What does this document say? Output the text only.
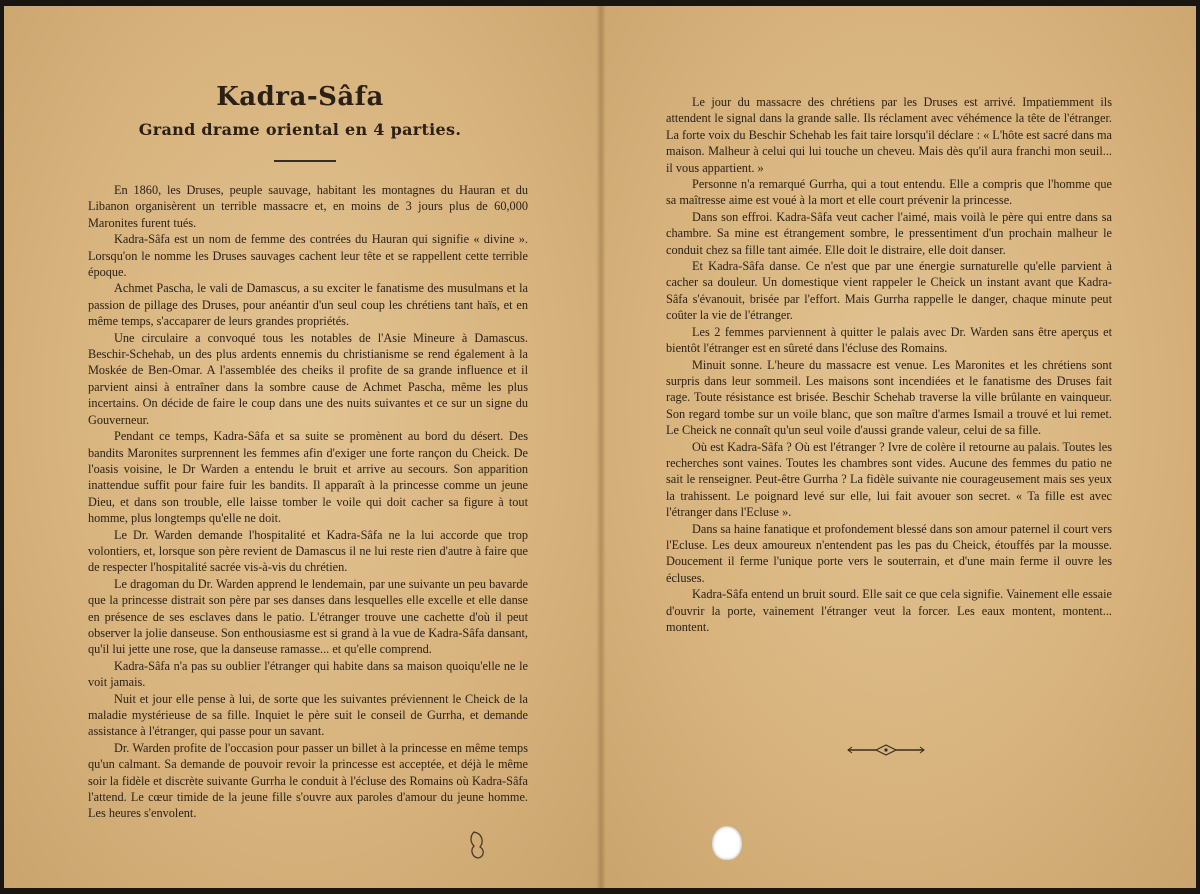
Kadra-Sâfa
Grand drame oriental en 4 parties.

En 1860, les Druses, peuple sauvage, habitant les montagnes du Hauran et du Libanon organisèrent un terrible massacre et, en moins de 3 jours plus de 60,000 Maronites furent tués.

Kadra-Sâfa est un nom de femme des contrées du Hauran qui signifie « divine ». Lorsqu'on le nomme les Druses sauvages cachent leur tête et se rappellent cette terrible époque.

Achmet Pascha, le vali de Damascus, a su exciter le fanatisme des musulmans et la passion de pillage des Druses, pour anéantir d'un seul coup les chrétiens tant haïs, et en même temps, s'accaparer de leurs grandes propriétés.

Une circulaire a convoqué tous les notables de l'Asie Mineure à Damascus. Beschir-Schehab, un des plus ardents ennemis du christianisme se rend également à la Moskée de Ben-Omar. A l'assemblée des cheiks il profite de sa grande influence et il parvient ainsi à entraîner dans la sombre cause de Achmet Pascha, même les plus incertains. On décide de faire le coup dans une des nuits suivantes et ce sur un signe du Gouverneur.

Pendant ce temps, Kadra-Sâfa et sa suite se promènent au bord du désert. Des bandits Maronites surprennent les femmes afin d'exiger une forte rançon du Cheick. De l'oasis voisine, le Dr Warden a entendu le bruit et arrive au secours. Son apparition inattendue suffit pour faire fuir les bandits. Il apparaît à la princesse comme un jeune Dieu, et dans son trouble, elle laisse tomber le voile qui doit cacher sa figure à tout homme, plus longtemps qu'elle ne doit.

Le Dr. Warden demande l'hospitalité et Kadra-Sâfa ne la lui accorde que trop volontiers, et, lorsque son père revient de Damascus il ne lui reste rien d'autre à faire que de respecter l'hospitalité sacrée vis-à-vis du chrétien.

Le dragoman du Dr. Warden apprend le lendemain, par une suivante un peu bavarde que la princesse distrait son père par ses danses dans lesquelles elle excelle et elle danse en présence de ses esclaves dans le patio. L'étranger trouve une cachette d'où il peut observer la jolie danseuse. Son enthousiasme est si grand à la vue de Kadra-Sâfa dansant, qu'il lui jette une rose, que la danseuse ramasse... et qu'elle comprend.

Kadra-Sâfa n'a pas su oublier l'étranger qui habite dans sa maison quoiqu'elle ne le voit jamais.

Nuit et jour elle pense à lui, de sorte que les suivantes préviennent le Cheick de la maladie mystérieuse de sa fille. Inquiet le père suit le conseil de Gurrha, et demande assistance à l'étranger, qui passe pour un savant.

Dr. Warden profite de l'occasion pour passer un billet à la princesse en même temps qu'un calmant. Sa demande de pouvoir revoir la princesse est acceptée, et déjà le même soir la fidèle et discrète suivante Gurrha le conduit à l'écluse des Romains où Kadra-Sâfa l'attend. Le cœur timide de la jeune fille s'ouvre aux paroles d'amour du jeune homme. Les heures s'envolent.

Le jour du massacre des chrétiens par les Druses est arrivé. Impatiemment ils attendent le signal dans la grande salle. Ils réclament avec véhémence la tête de l'étranger. La forte voix du Beschir Schehab les fait taire lorsqu'il déclare : « L'hôte est sacré dans ma maison. Malheur à celui qui lui touche un cheveu. Mais dès qu'il aura franchi mon seuil... il vous appartient. »

Personne n'a remarqué Gurrha, qui a tout entendu. Elle a compris que l'homme que sa maîtresse aime est voué à la mort et elle court prévenir la princesse.

Dans son effroi. Kadra-Sâfa veut cacher l'aimé, mais voilà le père qui entre dans sa chambre. Sa mine est étrangement sombre, le pressentiment d'un prochain malheur le conduit chez sa fille tant aimée. Elle doit le distraire, elle doit danser.

Et Kadra-Sâfa danse. Ce n'est que par une énergie surnaturelle qu'elle parvient à cacher sa douleur. Un domestique vient rappeler le Cheick un instant avant que Kadra-Sâfa s'évanouit, brisée par l'effort. Mais Gurrha rappelle le danger, chaque minute peut coûter la vie de l'étranger.

Les 2 femmes parviennent à quitter le palais avec Dr. Warden sans être aperçus et bientôt l'étranger est en sûreté dans l'écluse des Romains.

Minuit sonne. L'heure du massacre est venue. Les Maronites et les chrétiens sont surpris dans leur sommeil. Les maisons sont incendiées et le fanatisme des Druses fait rage. Toute résistance est brisée. Beschir Schehab traverse la ville brûlante en vainqueur. Son regard tombe sur un voile blanc, que son maître d'armes Ismail a trouvé et lui remet. Le Cheick ne connaît qu'un seul voile d'aussi grande valeur, celui de sa fille.

Où est Kadra-Sâfa ? Où est l'étranger ? Ivre de colère il retourne au palais. Toutes les recherches sont vaines. Toutes les chambres sont vides. Aucune des femmes du patio ne sait le renseigner. Peut-être Gurrha ? La fidèle suivante nie courageusement mais ses yeux la trahissent. Le poignard levé sur elle, lui fait avouer son secret. « Ta fille est avec l'étranger dans l'Ecluse ».

Dans sa haine fanatique et profondement blessé dans son amour paternel il court vers l'Ecluse. Les deux amoureux n'entendent pas les pas du Cheick, étouffés par la mousse. Doucement il ferme l'unique porte vers le souterrain, et d'une main ferme il ouvre les écluses.

Kadra-Sâfa entend un bruit sourd. Elle sait ce que cela signifie. Vainement elle essaie d'ouvrir la porte, vainement l'étranger veut la forcer. Les eaux montent, montent... montent.
